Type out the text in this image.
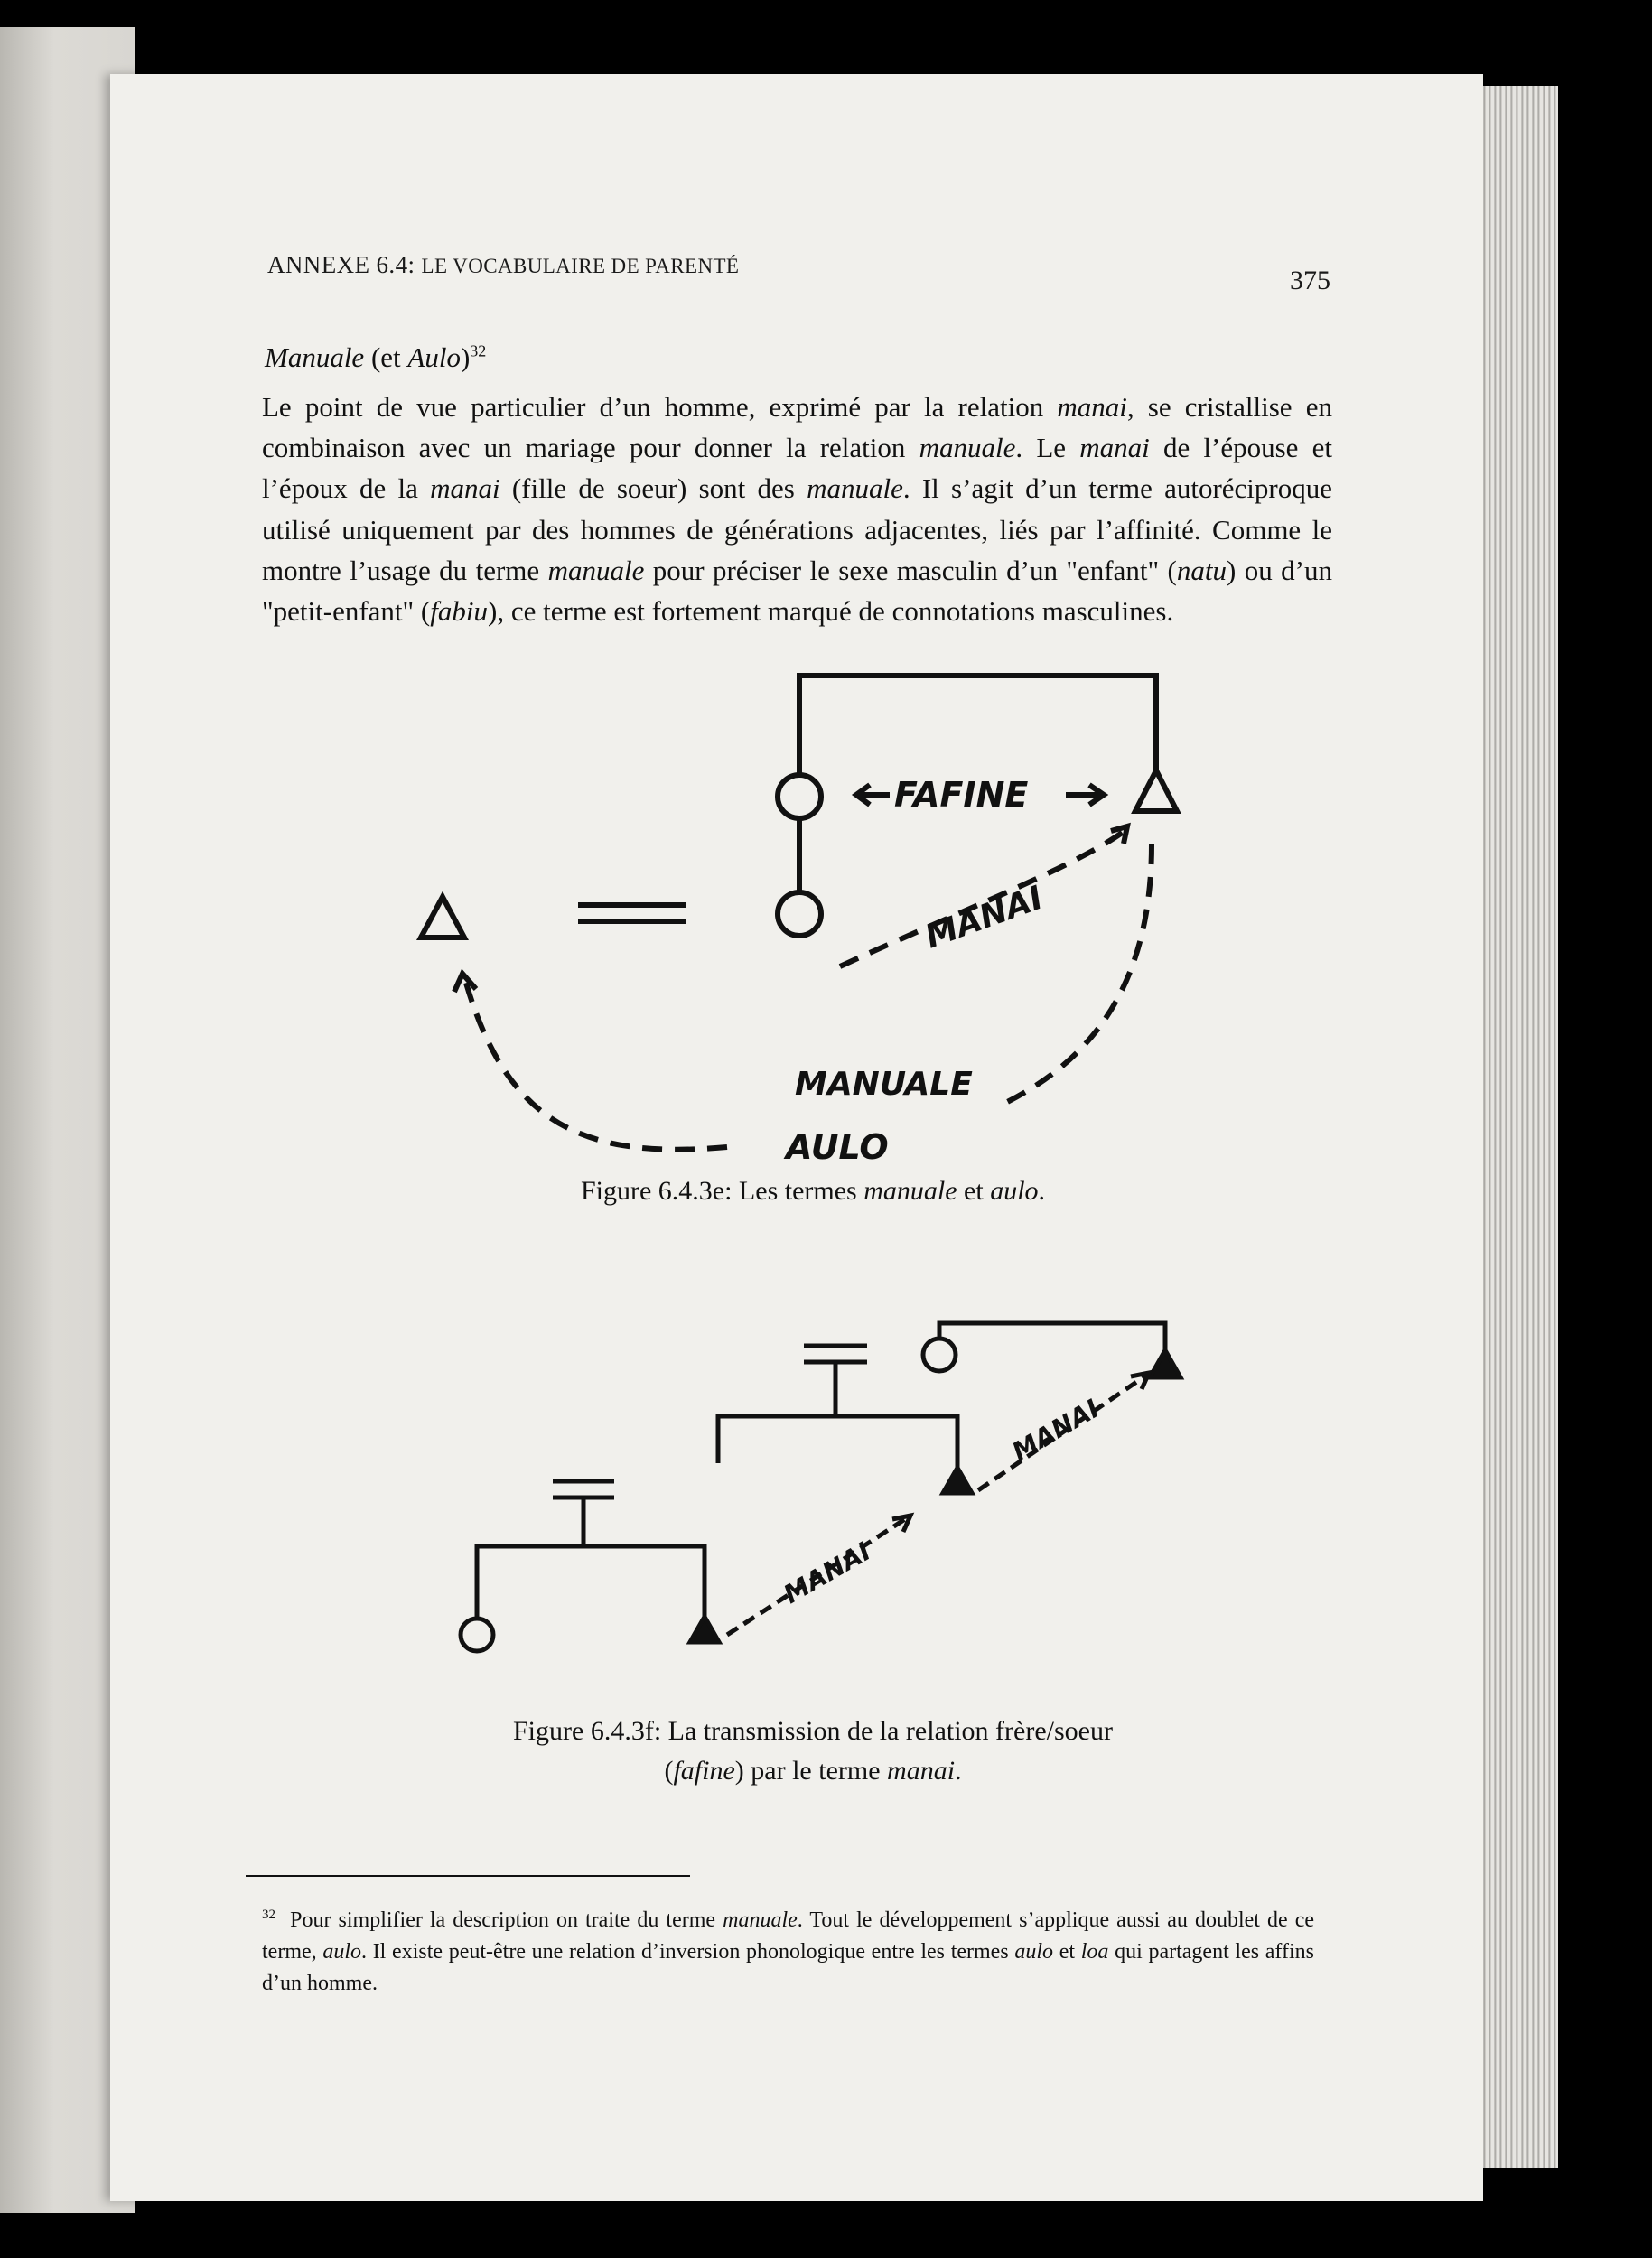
ANNEXE 6.4: LE VOCABULAIRE DE PARENTÉ	375
Manuale (et Aulo)$^{32}$

Le point de vue particulier d’un homme, exprimé par la relation manai, se cristallise en combinaison avec un mariage pour donner la relation manuale. Le manai de l’épouse et l’époux de la manai (fille de soeur) sont des manuale. Il s’agit d’un terme autoréciproque utilisé uniquement par des hommes de générations adjacentes, liés par l’affinité. Comme le montre l’usage du terme manuale pour préciser le sexe masculin d’un "enfant" (natu) ou d’un "petit-enfant" (fabiu), ce terme est fortement marqué de connotations masculines.

FAFINE
MANAI
MANUALE
AULO
MANAI
MANAI
Figure 6.4.3e: Les termes manuale et aulo.
Figure 6.4.3f: La transmission de la relation frère/soeur
(fafine) par le terme manai.
$^{32}$ Pour simplifier la description on traite du terme manuale. Tout le développement s’applique aussi au doublet de ce terme, aulo. Il existe peut-être une relation d’inversion phonologique entre les termes aulo et loa qui partagent les affins d’un homme.
